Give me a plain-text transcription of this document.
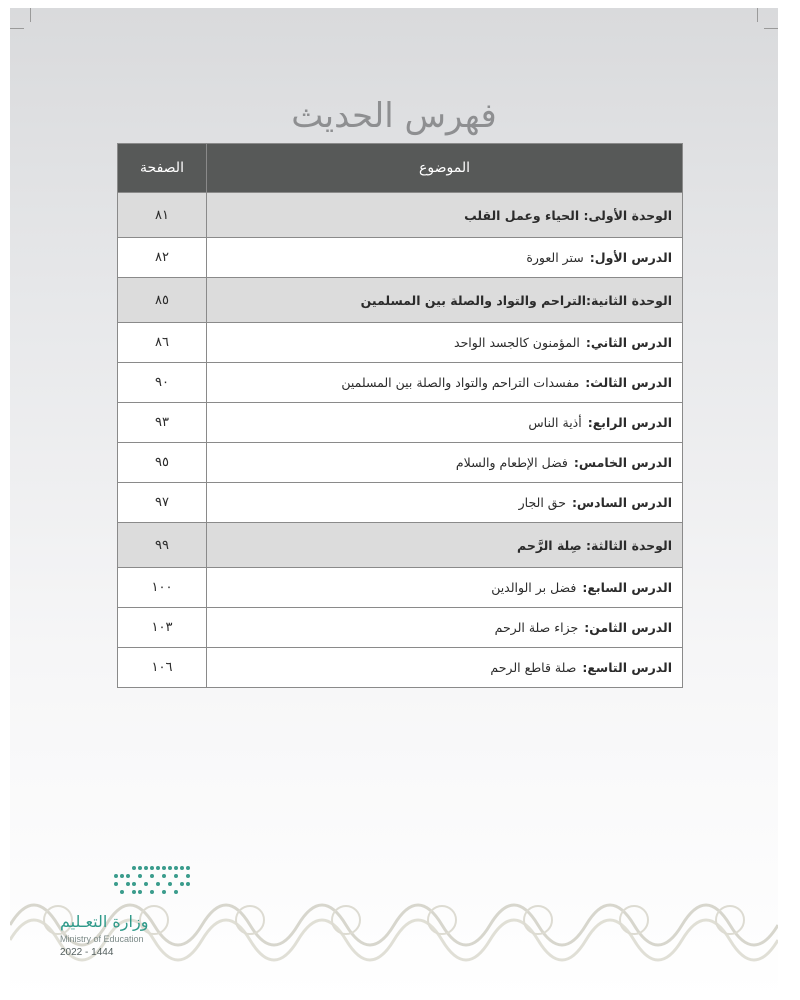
فهرس الحديث
الموضوع	الصفحة
الوحدة الأولى: الحياء وعمل القلب	٨١
الدرس الأول:ستر العورة	٨٢
الوحدة الثانية:التراحم والتواد والصلة بين المسلمين	٨٥
الدرس الثاني:المؤمنون كالجسد الواحد	٨٦
الدرس الثالث:مفسدات التراحم والتواد والصلة بين المسلمين	٩٠
الدرس الرابع:أذية الناس	٩٣
الدرس الخامس:فضل الإطعام والسلام	٩٥
الدرس السادس:حق الجار	٩٧
الوحدة الثالثة: صِلة الرَّحم	٩٩
الدرس السابع:فضل بر الوالدين	١٠٠
الدرس الثامن:جزاء صلة الرحم	١٠٣
الدرس التاسع:صلة قاطع الرحم	١٠٦
وزارة التعـليم
Ministry of Education
2022 - 1444
